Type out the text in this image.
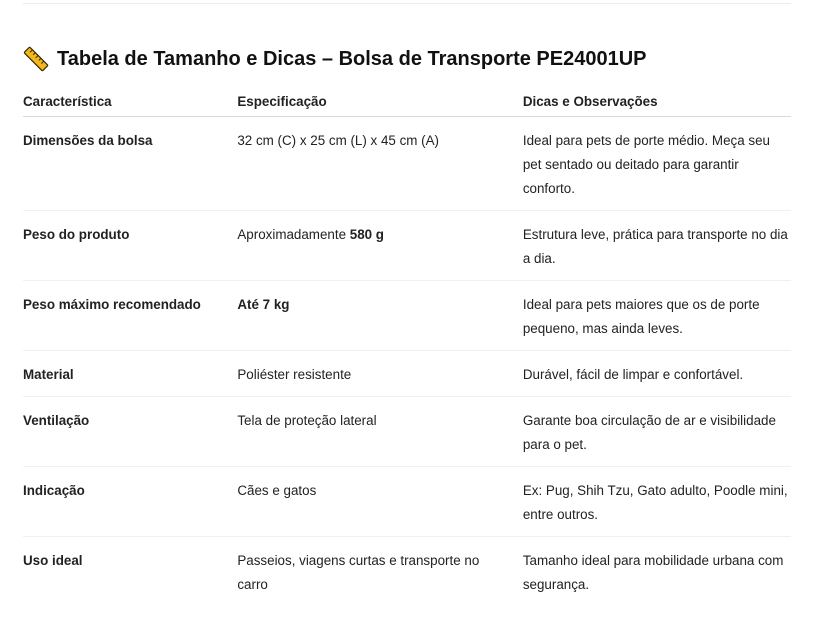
Tabela de Tamanho e Dicas – Bolsa de Transporte PE24001UP
Característica	Especificação	Dicas e Observações
Dimensões da bolsa	32 cm (C) x 25 cm (L) x 45 cm (A)	Ideal para pets de porte médio. Meça seu pet sentado ou deitado para garantir conforto.
Peso do produto	Aproximadamente 580 g	Estrutura leve, prática para transporte no dia a dia.
Peso máximo recomendado	Até 7 kg	Ideal para pets maiores que os de porte pequeno, mas ainda leves.
Material	Poliéster resistente	Durável, fácil de limpar e confortável.
Ventilação	Tela de proteção lateral	Garante boa circulação de ar e visibilidade para o pet.
Indicação	Cães e gatos	Ex: Pug, Shih Tzu, Gato adulto, Poodle mini, entre outros.
Uso ideal	Passeios, viagens curtas e transporte no carro	Tamanho ideal para mobilidade urbana com segurança.
